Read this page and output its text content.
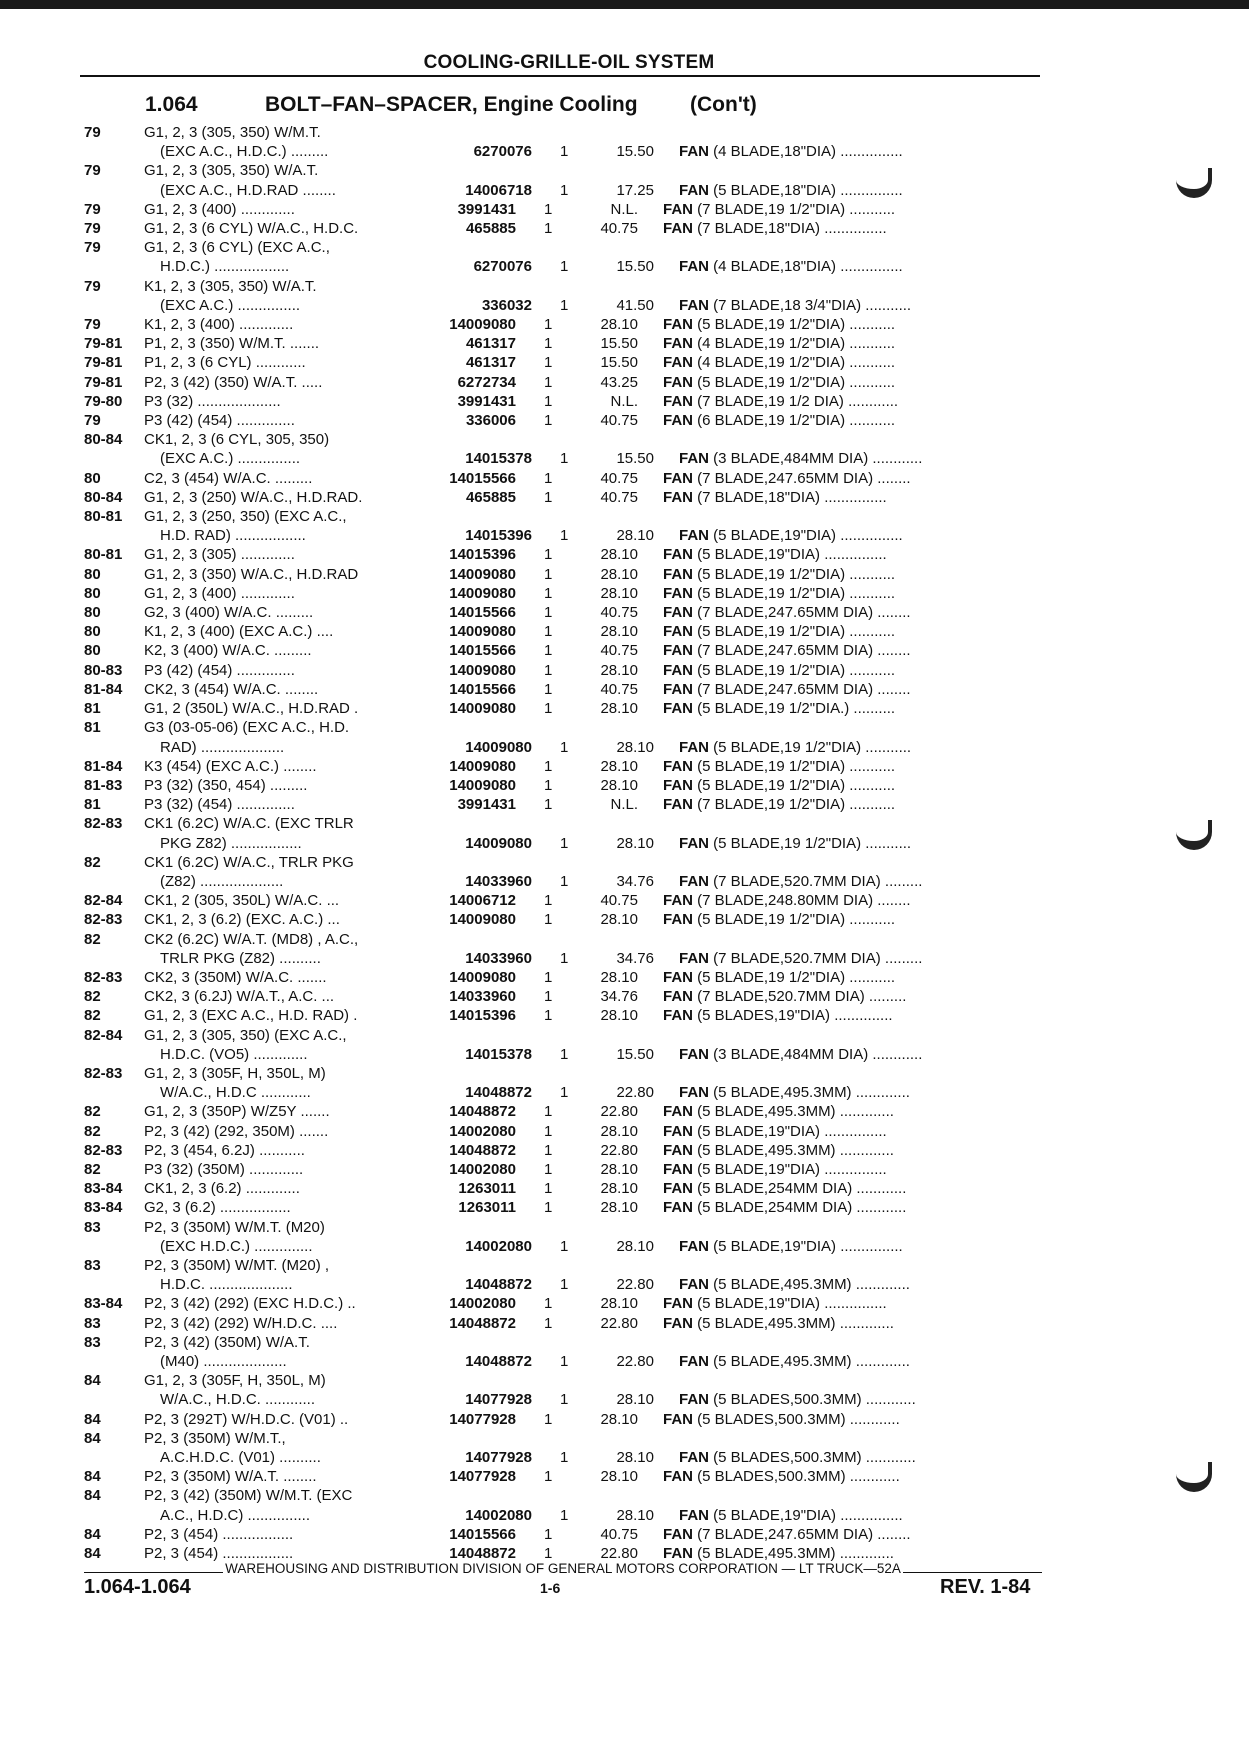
COOLING-GRILLE-OIL SYSTEM
1.064	BOLT–FAN–SPACER, Engine Cooling (Con't)
79	G1, 2, 3 (305, 350) W/M.T.
(EXC A.C., H.D.C.) .........	6270076	1	15.50	FAN (4 BLADE,18"DIA) ...............
79	G1, 2, 3 (305, 350) W/A.T.
(EXC A.C., H.D.RAD ........	14006718	1	17.25	FAN (5 BLADE,18"DIA) ...............
79	G1, 2, 3 (400) .............	3991431	1	N.L.	FAN (7 BLADE,19 1/2"DIA) ...........
79	G1, 2, 3 (6 CYL) W/A.C., H.D.C.	465885	1	40.75	FAN (7 BLADE,18"DIA) ...............
79	G1, 2, 3 (6 CYL) (EXC A.C.,
H.D.C.) ..................	6270076	1	15.50	FAN (4 BLADE,18"DIA) ...............
79	K1, 2, 3 (305, 350) W/A.T.
(EXC A.C.) ...............	336032	1	41.50	FAN (7 BLADE,18 3/4"DIA) ...........
79	K1, 2, 3 (400) .............	14009080	1	28.10	FAN (5 BLADE,19 1/2"DIA) ...........
79-81	P1, 2, 3 (350) W/M.T. .......	461317	1	15.50	FAN (4 BLADE,19 1/2"DIA) ...........
79-81	P1, 2, 3 (6 CYL) ............	461317	1	15.50	FAN (4 BLADE,19 1/2"DIA) ...........
79-81	P2, 3 (42) (350) W/A.T. .....	6272734	1	43.25	FAN (5 BLADE,19 1/2"DIA) ...........
79-80	P3 (32) ....................	3991431	1	N.L.	FAN (7 BLADE,19 1/2 DIA) ............
79	P3 (42) (454) ..............	336006	1	40.75	FAN (6 BLADE,19 1/2"DIA) ...........
80-84	CK1, 2, 3 (6 CYL, 305, 350)
(EXC A.C.) ...............	14015378	1	15.50	FAN (3 BLADE,484MM DIA) ............
80	C2, 3 (454) W/A.C. .........	14015566	1	40.75	FAN (7 BLADE,247.65MM DIA) ........
80-84	G1, 2, 3 (250) W/A.C., H.D.RAD.	465885	1	40.75	FAN (7 BLADE,18"DIA) ...............
80-81	G1, 2, 3 (250, 350) (EXC A.C.,
H.D. RAD) .................	14015396	1	28.10	FAN (5 BLADE,19"DIA) ...............
80-81	G1, 2, 3 (305) .............	14015396	1	28.10	FAN (5 BLADE,19"DIA) ...............
80	G1, 2, 3 (350) W/A.C., H.D.RAD	14009080	1	28.10	FAN (5 BLADE,19 1/2"DIA) ...........
80	G1, 2, 3 (400) .............	14009080	1	28.10	FAN (5 BLADE,19 1/2"DIA) ...........
80	G2, 3 (400) W/A.C. .........	14015566	1	40.75	FAN (7 BLADE,247.65MM DIA) ........
80	K1, 2, 3 (400) (EXC A.C.) ....	14009080	1	28.10	FAN (5 BLADE,19 1/2"DIA) ...........
80	K2, 3 (400) W/A.C. .........	14015566	1	40.75	FAN (7 BLADE,247.65MM DIA) ........
80-83	P3 (42) (454) ..............	14009080	1	28.10	FAN (5 BLADE,19 1/2"DIA) ...........
81-84	CK2, 3 (454) W/A.C. ........	14015566	1	40.75	FAN (7 BLADE,247.65MM DIA) ........
81	G1, 2 (350L) W/A.C., H.D.RAD .	14009080	1	28.10	FAN (5 BLADE,19 1/2"DIA.) ..........
81	G3 (03-05-06) (EXC A.C., H.D.
RAD) ....................	14009080	1	28.10	FAN (5 BLADE,19 1/2"DIA) ...........
81-84	K3 (454) (EXC A.C.) ........	14009080	1	28.10	FAN (5 BLADE,19 1/2"DIA) ...........
81-83	P3 (32) (350, 454) .........	14009080	1	28.10	FAN (5 BLADE,19 1/2"DIA) ...........
81	P3 (32) (454) ..............	3991431	1	N.L.	FAN (7 BLADE,19 1/2"DIA) ...........
82-83	CK1 (6.2C) W/A.C. (EXC TRLR
PKG Z82) .................	14009080	1	28.10	FAN (5 BLADE,19 1/2"DIA) ...........
82	CK1 (6.2C) W/A.C., TRLR PKG
(Z82) ....................	14033960	1	34.76	FAN (7 BLADE,520.7MM DIA) .........
82-84	CK1, 2 (305, 350L) W/A.C. ...	14006712	1	40.75	FAN (7 BLADE,248.80MM DIA) ........
82-83	CK1, 2, 3 (6.2) (EXC. A.C.) ...	14009080	1	28.10	FAN (5 BLADE,19 1/2"DIA) ...........
82	CK2 (6.2C) W/A.T. (MD8) , A.C.,
TRLR PKG (Z82) ..........	14033960	1	34.76	FAN (7 BLADE,520.7MM DIA) .........
82-83	CK2, 3 (350M) W/A.C. .......	14009080	1	28.10	FAN (5 BLADE,19 1/2"DIA) ...........
82	CK2, 3 (6.2J) W/A.T., A.C. ...	14033960	1	34.76	FAN (7 BLADE,520.7MM DIA) .........
82	G1, 2, 3 (EXC A.C., H.D. RAD) .	14015396	1	28.10	FAN (5 BLADES,19"DIA) ..............
82-84	G1, 2, 3 (305, 350) (EXC A.C.,
H.D.C. (VO5) .............	14015378	1	15.50	FAN (3 BLADE,484MM DIA) ............
82-83	G1, 2, 3 (305F, H, 350L, M)
W/A.C., H.D.C ............	14048872	1	22.80	FAN (5 BLADE,495.3MM) .............
82	G1, 2, 3 (350P) W/Z5Y .......	14048872	1	22.80	FAN (5 BLADE,495.3MM) .............
82	P2, 3 (42) (292, 350M) .......	14002080	1	28.10	FAN (5 BLADE,19"DIA) ...............
82-83	P2, 3 (454, 6.2J) ...........	14048872	1	22.80	FAN (5 BLADE,495.3MM) .............
82	P3 (32) (350M) .............	14002080	1	28.10	FAN (5 BLADE,19"DIA) ...............
83-84	CK1, 2, 3 (6.2) .............	1263011	1	28.10	FAN (5 BLADE,254MM DIA) ............
83-84	G2, 3 (6.2) .................	1263011	1	28.10	FAN (5 BLADE,254MM DIA) ............
83	P2, 3 (350M) W/M.T. (M20)
(EXC H.D.C.) ..............	14002080	1	28.10	FAN (5 BLADE,19"DIA) ...............
83	P2, 3 (350M) W/MT. (M20) ,
H.D.C. ....................	14048872	1	22.80	FAN (5 BLADE,495.3MM) .............
83-84	P2, 3 (42) (292) (EXC H.D.C.) ..	14002080	1	28.10	FAN (5 BLADE,19"DIA) ...............
83	P2, 3 (42) (292) W/H.D.C. ....	14048872	1	22.80	FAN (5 BLADE,495.3MM) .............
83	P2, 3 (42) (350M) W/A.T.
(M40) ....................	14048872	1	22.80	FAN (5 BLADE,495.3MM) .............
84	G1, 2, 3 (305F, H, 350L, M)
W/A.C., H.D.C. ............	14077928	1	28.10	FAN (5 BLADES,500.3MM) ............
84	P2, 3 (292T) W/H.D.C. (V01) ..	14077928	1	28.10	FAN (5 BLADES,500.3MM) ............
84	P2, 3 (350M) W/M.T.,
A.C.H.D.C. (V01) ..........	14077928	1	28.10	FAN (5 BLADES,500.3MM) ............
84	P2, 3 (350M) W/A.T. ........	14077928	1	28.10	FAN (5 BLADES,500.3MM) ............
84	P2, 3 (42) (350M) W/M.T. (EXC
A.C., H.D.C) ...............	14002080	1	28.10	FAN (5 BLADE,19"DIA) ...............
84	P2, 3 (454) .................	14015566	1	40.75	FAN (7 BLADE,247.65MM DIA) ........
84	P2, 3 (454) .................	14048872	1	22.80	FAN (5 BLADE,495.3MM) .............
WAREHOUSING AND DISTRIBUTION DIVISION OF GENERAL MOTORS CORPORATION — LT TRUCK—52A
1.064-1.064	1-6	REV. 1-84
